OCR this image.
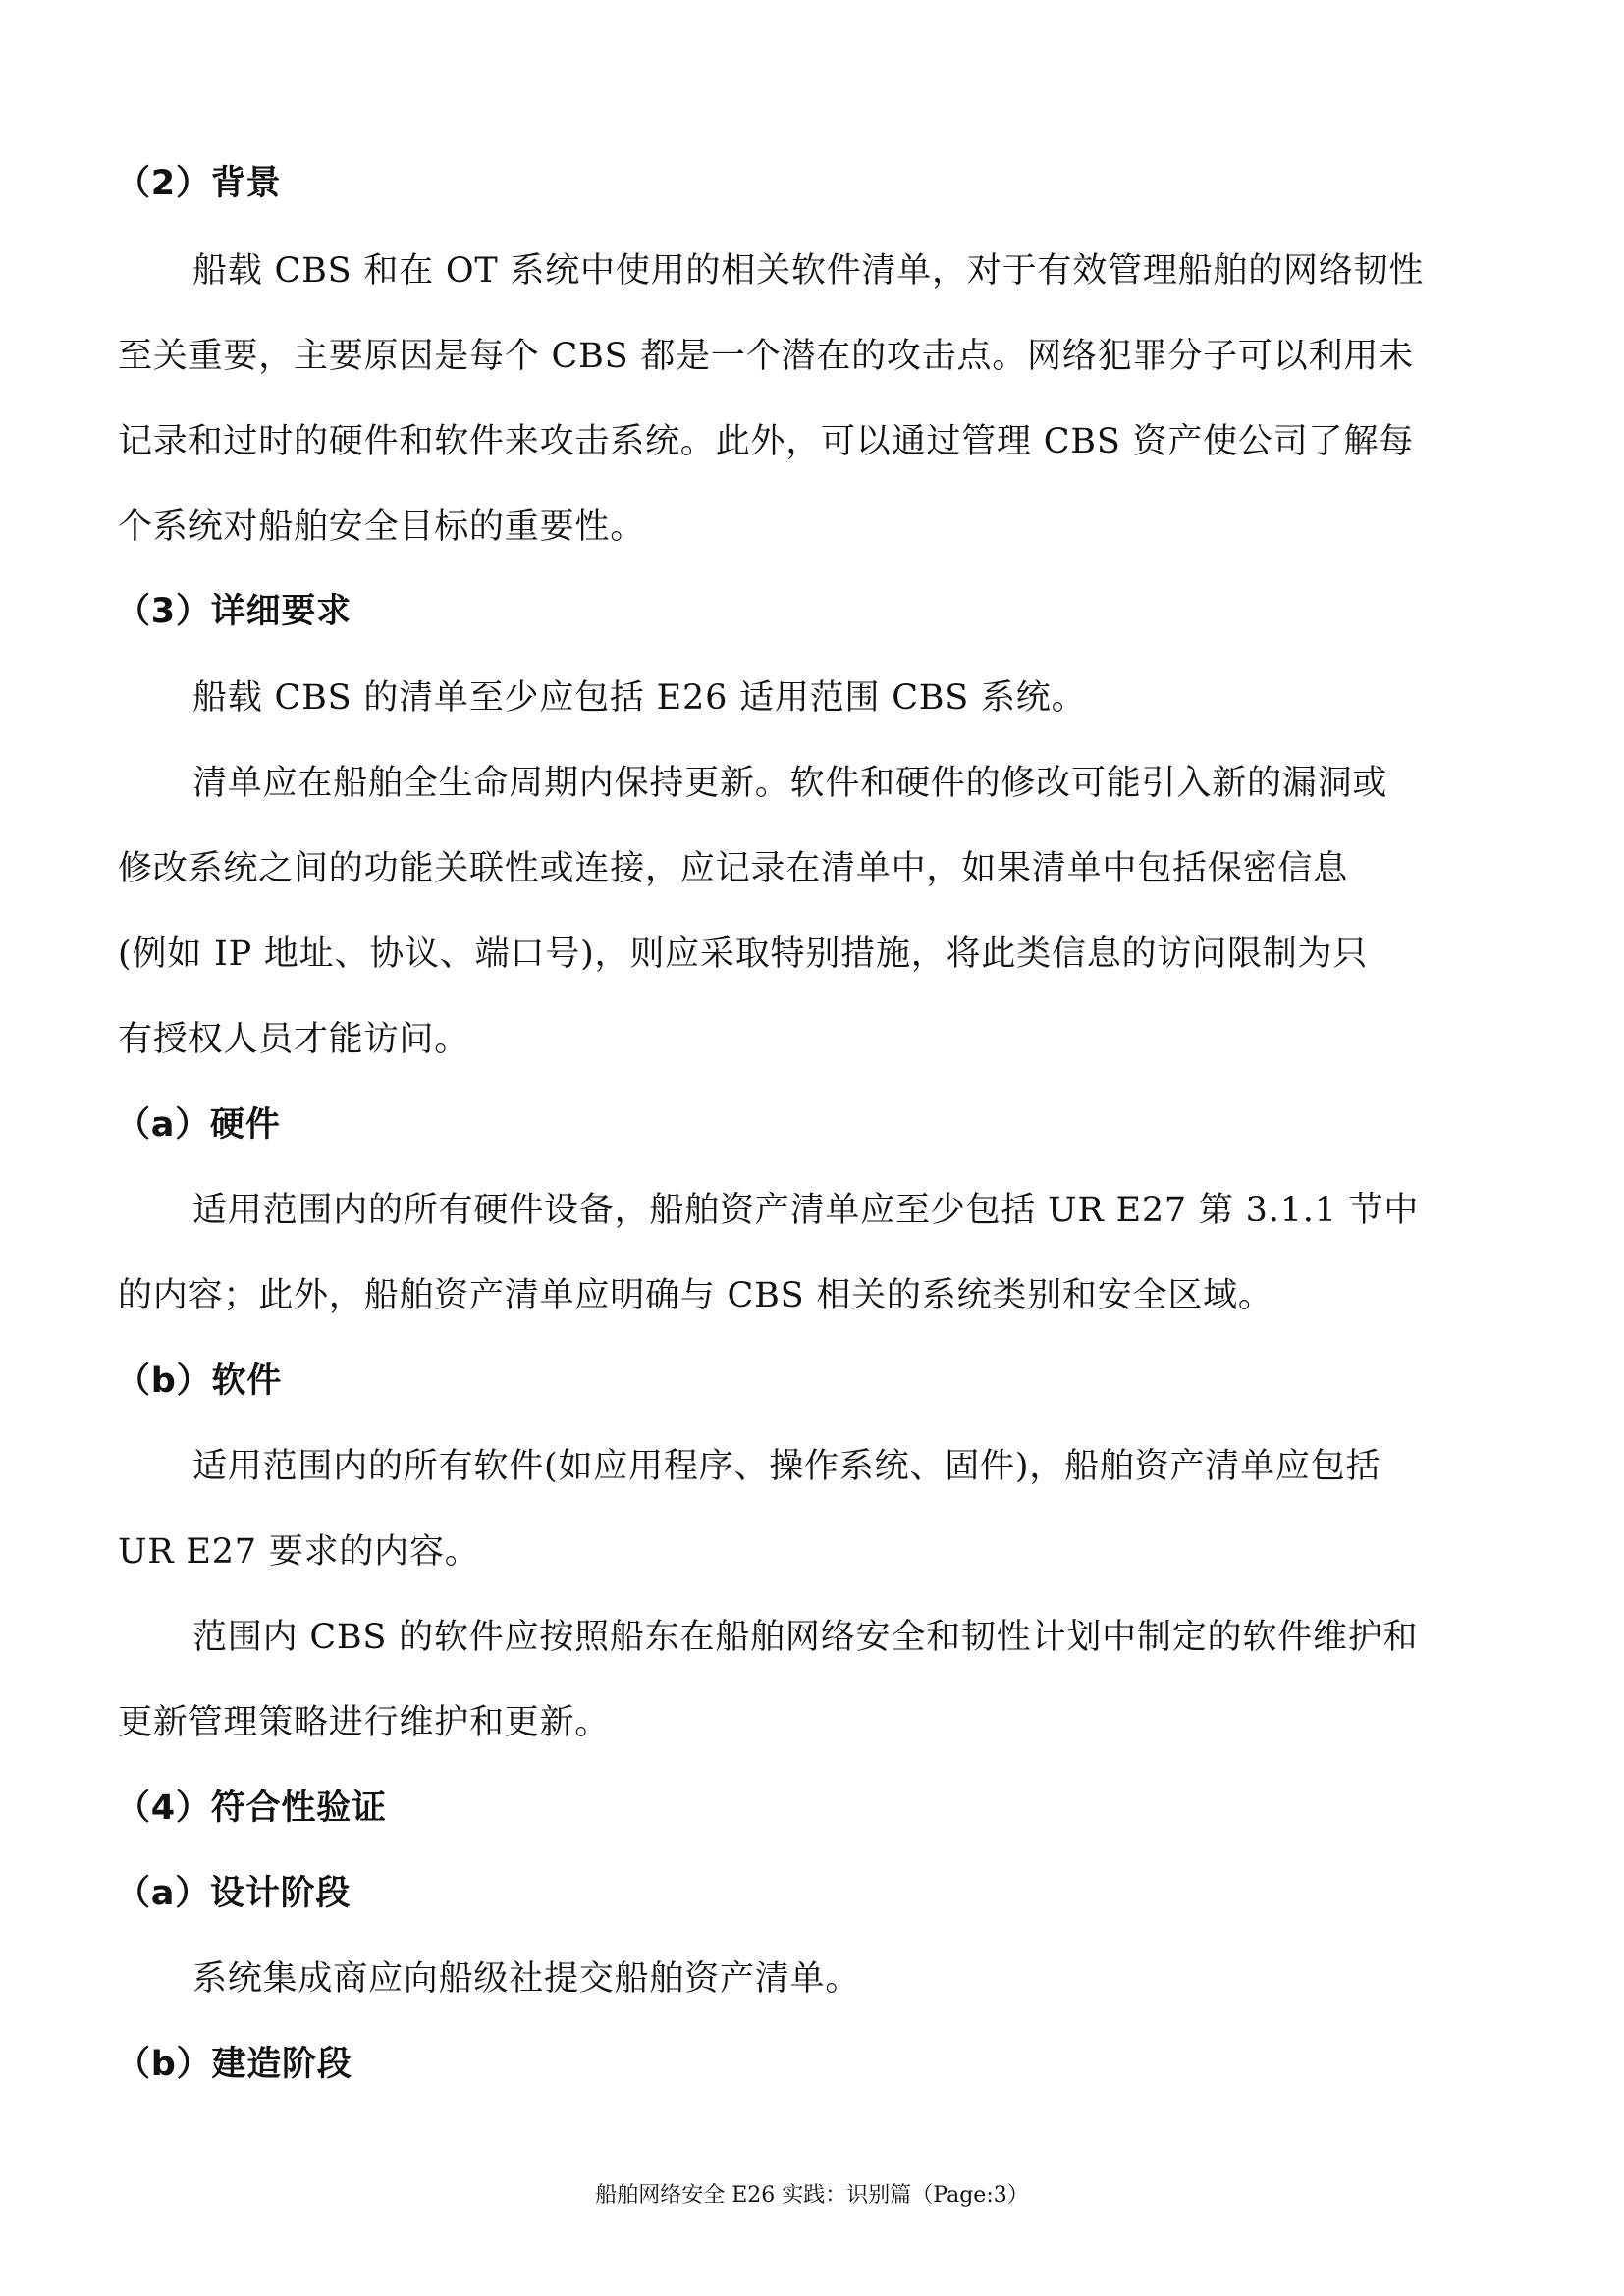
（2）背景
船载 CBS 和在 OT 系统中使用的相关软件清单，对于有效管理船舶的网络韧性
至关重要，主要原因是每个 CBS 都是一个潜在的攻击点。网络犯罪分子可以利用未
记录和过时的硬件和软件来攻击系统。此外，可以通过管理 CBS 资产使公司了解每
个系统对船舶安全目标的重要性。
（3）详细要求
船载 CBS 的清单至少应包括 E26 适用范围 CBS 系统。
清单应在船舶全生命周期内保持更新。软件和硬件的修改可能引入新的漏洞或
修改系统之间的功能关联性或连接，应记录在清单中，如果清单中包括保密信息
(例如 IP 地址、协议、端口号)，则应采取特别措施，将此类信息的访问限制为只
有授权人员才能访问。
（a）硬件
适用范围内的所有硬件设备，船舶资产清单应至少包括 UR E27 第 3.1.1 节中
的内容；此外，船舶资产清单应明确与 CBS 相关的系统类别和安全区域。
（b）软件
适用范围内的所有软件(如应用程序、操作系统、固件)，船舶资产清单应包括
UR E27 要求的内容。
范围内 CBS 的软件应按照船东在船舶网络安全和韧性计划中制定的软件维护和
更新管理策略进行维护和更新。
（4）符合性验证
（a）设计阶段
系统集成商应向船级社提交船舶资产清单。
（b）建造阶段
船舶网络安全 E26 实践：识别篇（Page:3）
